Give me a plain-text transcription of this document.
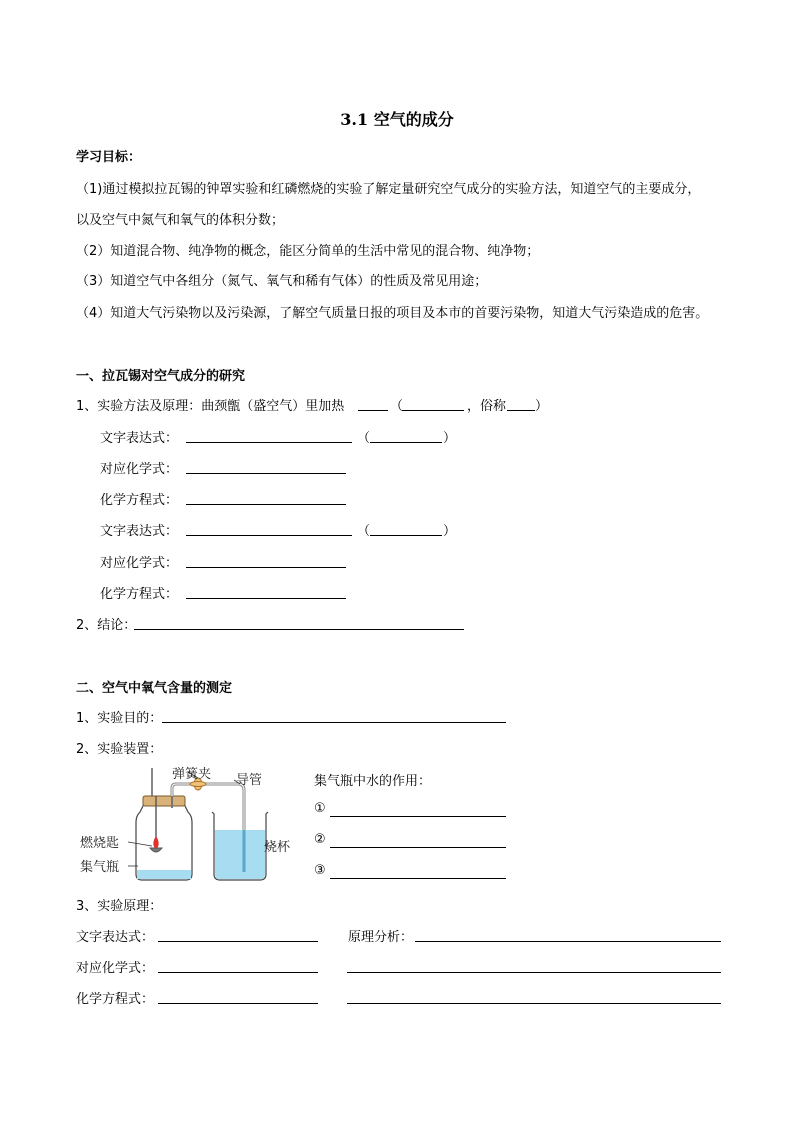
3.1 空气的成分
学习目标：
（1)通过模拟拉瓦锡的钟罩实验和红磷燃烧的实验了解定量研究空气成分的实验方法，知道空气的主要成分，
以及空气中氮气和氧气的体积分数；
（2）知道混合物、纯净物的概念，能区分简单的生活中常见的混合物、纯净物；
（3）知道空气中各组分（氮气、氧气和稀有气体）的性质及常见用途；
（4）知道大气污染物以及污染源，了解空气质量日报的项目及本市的首要污染物，知道大气污染造成的危害。
一、拉瓦锡对空气成分的研究
1、实验方法及原理：曲颈甑（盛空气）里加热	（	，俗称 ）
文字表达式：	（	）
对应化学式：
化学方程式：
文字表达式：	（	）
对应化学式：
化学方程式：
2、结论：
二、空气中氧气含量的测定
1、实验目的：
2、实验装置：
弹簧夹 导管
燃烧匙
集气瓶
烧杯
集气瓶中水的作用：
①
②
③
3、实验原理：
文字表达式：	原理分析：
对应化学式：
化学方程式：
